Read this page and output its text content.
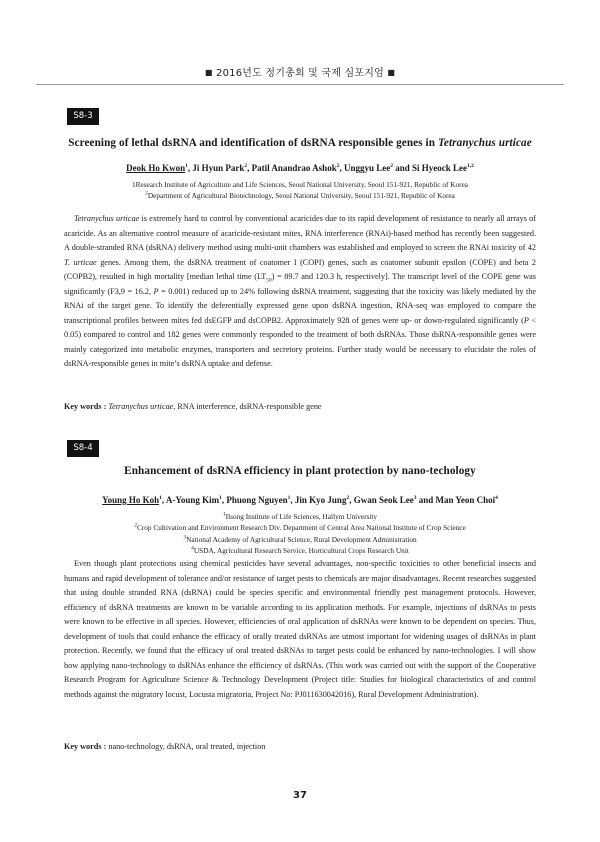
■ 2016년도 정기총회 및 국제 심포지엄 ■
S8-3
Screening of lethal dsRNA and identification of dsRNA responsible genes in Tetranychus urticae
Deok Ho Kwon$^1$, Ji Hyun Park$^2$, Patil Anandrao Ashok$^2$, Unggyu Lee$^2$ and Si Hyeock Lee$^{1,2}$
1Research Institute of Agriculture and Life Sciences, Seoul National University, Seoul 151-921, Republic of Korea
$^2$Department of Agricultural Biotechnology, Seoul National University, Seoul 151-921, Republic of Korea

Tetranychus urticae is extremely hard to control by conventional acaricides due to its rapid development of resistance to nearly all arrays of acaricide. As an alternative control measure of acaricide-resistant mites, RNA interference (RNAi)-based method has recently been suggested. A double-stranded RNA (dsRNA) delivery method using multi-unit chambers was established and employed to screen the RNAi toxicity of 42 T. urticae genes. Among them, the dsRNA treatment of coatomer I (COPI) genes, such as coatomer subunit epsilon (COPE) and beta 2 (COPB2), resulted in high mortality [median lethal time $(LT_{50}) = 89.7$ and 120.3 h, respectively]. The transcript level of the COPE gene was significantly (F3,9 = 16.2, P = 0.001) reduced up to 24% following dsRNA treatment, suggesting that the toxicity was likely mediated by the RNAi of the target gene. To identify the deferentially expressed gene upon dsRNA ingestion, RNA-seq was employed to compare the transcriptional profiles between mites fed dsEGFP and dsCOPB2. Approximately 928 of genes were up- or down-regulated significantly (P < 0.05) compared to control and 182 genes were commonly responded to the treatment of both dsRNAs. Those dsRNA-responsible genes were mainly categorized into metabolic enzymes, transporters and secretory proteins. Further study would be necessary to elucidate the roles of dsRNA-responsible genes in mite’s dsRNA uptake and defense.

Key words : Tetranychus urticae, RNA interference, dsRNA-responsible gene
S8-4
Enhancement of dsRNA efficiency in plant protection by nano-techology
Young Ho Koh$^1$, A-Young Kim$^1$, Phuong Nguyen$^1$, Jin Kyo Jung$^2$, Gwan Seok Lee$^3$ and Man Yeon Choi$^4$
$^1$Ilsong Institute of Life Sciences, Hallym University
$^2$Crop Cultivation and Environment Research Div. Department of Central Area National Institute of Crop Science
$^3$National Academy of Agricultural Science, Rural Development Administration
$^4$USDA, Agricultural Research Service, Horticultural Crops Research Unit

Even though plant protections using chemical pesticides have several advantages, non-specific toxicities to other beneficial insects and humans and rapid development of tolerance and/or resistance of target pests to chemicals are major disadvantages. Recent researches suggested that using double stranded RNA (dsRNA) could be species specific and environmental friendly pest management protocols. However, efficiency of dsRNA treatments are known to be variable according to its application methods. For example, injections of dsRNAs to pests were known to be effective in all species. However, efficiencies of oral application of dsRNAs were known to be dependent on species. Thus, development of tools that could enhance the efficacy of orally treated dsRNAs are utmost important for widening usages of dsRNAs in plant protection. Recently, we found that the efficacy of oral treated dsRNAs to target pests could be enhanced by nano-technologies. I will show how applying nano-technology to dsRNAs enhance the efficiency of dsRNAs. (This work was carried out with the support of the Cooperative Research Program for Agriculture Science & Technology Development (Project title: Studies for biological characteristics of and control methods against the migratory locust, Locusta migratoria, Project No: PJ011630042016), Rural Development Administration).

Key words : nano-technology, dsRNA, oral treated, injection
37
